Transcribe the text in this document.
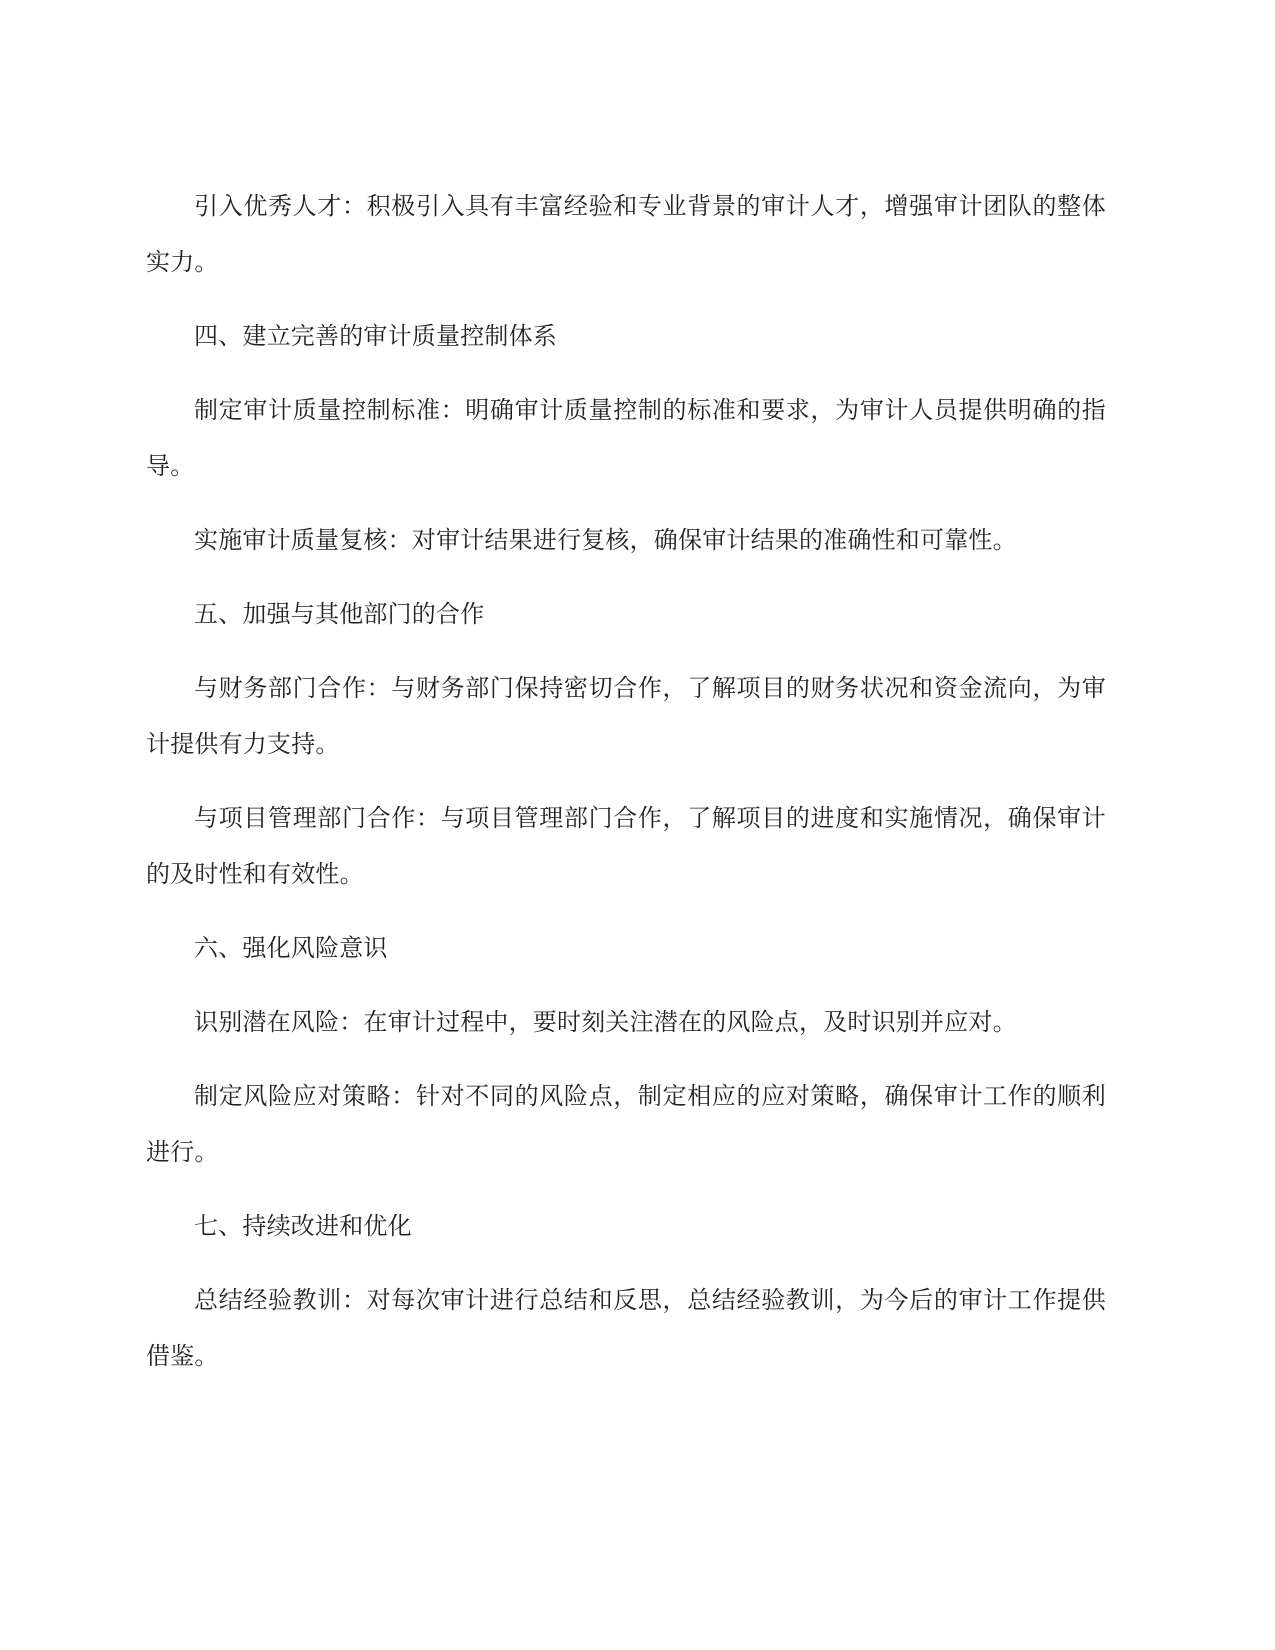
引入优秀人才：积极引入具有丰富经验和专业背景的审计人才，增强审计团队的整体实力。

四、建立完善的审计质量控制体系

制定审计质量控制标准：明确审计质量控制的标准和要求，为审计人员提供明确的指导。

实施审计质量复核：对审计结果进行复核，确保审计结果的准确性和可靠性。

五、加强与其他部门的合作

与财务部门合作：与财务部门保持密切合作，了解项目的财务状况和资金流向，为审计提供有力支持。

与项目管理部门合作：与项目管理部门合作，了解项目的进度和实施情况，确保审计的及时性和有效性。

六、强化风险意识

识别潜在风险：在审计过程中，要时刻关注潜在的风险点，及时识别并应对。

制定风险应对策略：针对不同的风险点，制定相应的应对策略，确保审计工作的顺利进行。

七、持续改进和优化

总结经验教训：对每次审计进行总结和反思，总结经验教训，为今后的审计工作提供借鉴。
